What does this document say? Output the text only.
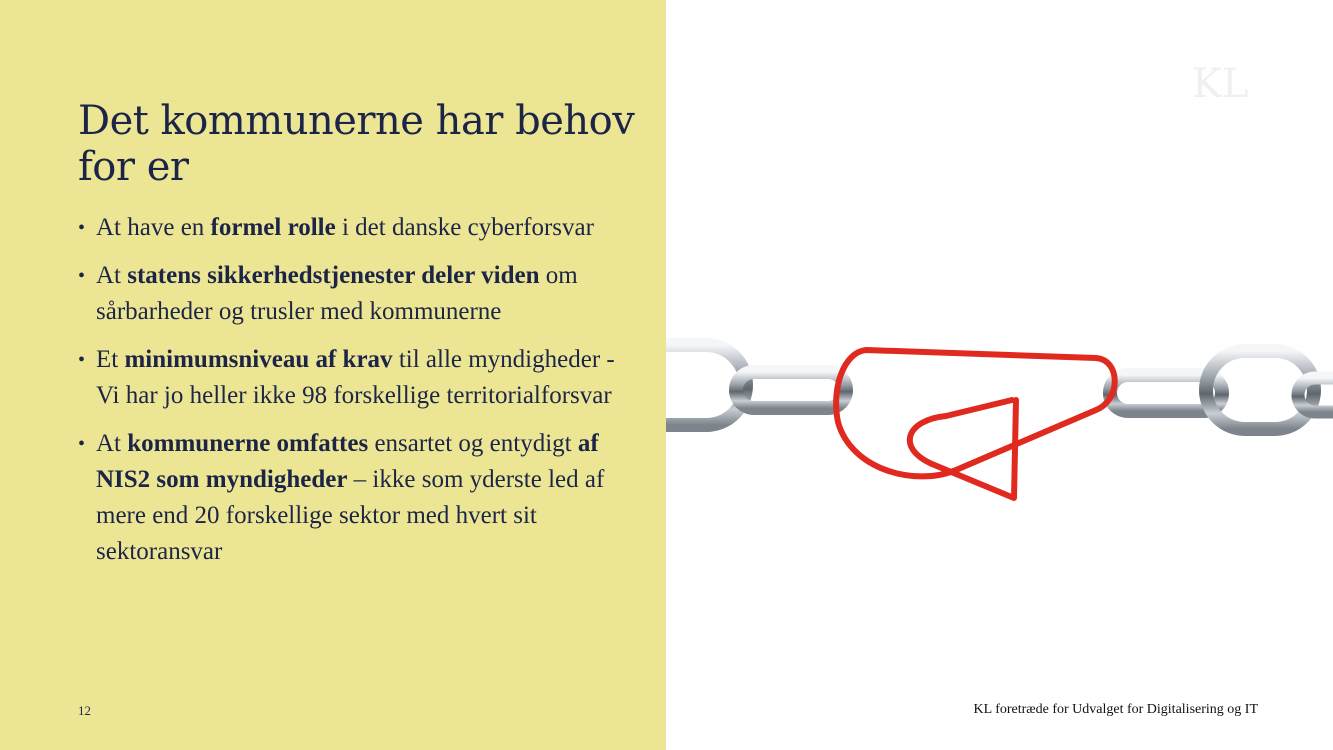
Det kommunerne har behov for er
• At have en formel rolle i det danske cyberforsvar
• At statens sikkerhedstjenester deler viden om sårbarheder og trusler med kommunerne
• Et minimumsniveau af krav til alle myndigheder - Vi har jo heller ikke 98 forskellige territorialforsvar
• At kommunerne omfattes ensartet og entydigt af NIS2 som myndigheder – ikke som yderste led af mere end 20 forskellige sektor med hvert sit sektoransvar
12
KL
KL foretræde for Udvalget for Digitalisering og IT
